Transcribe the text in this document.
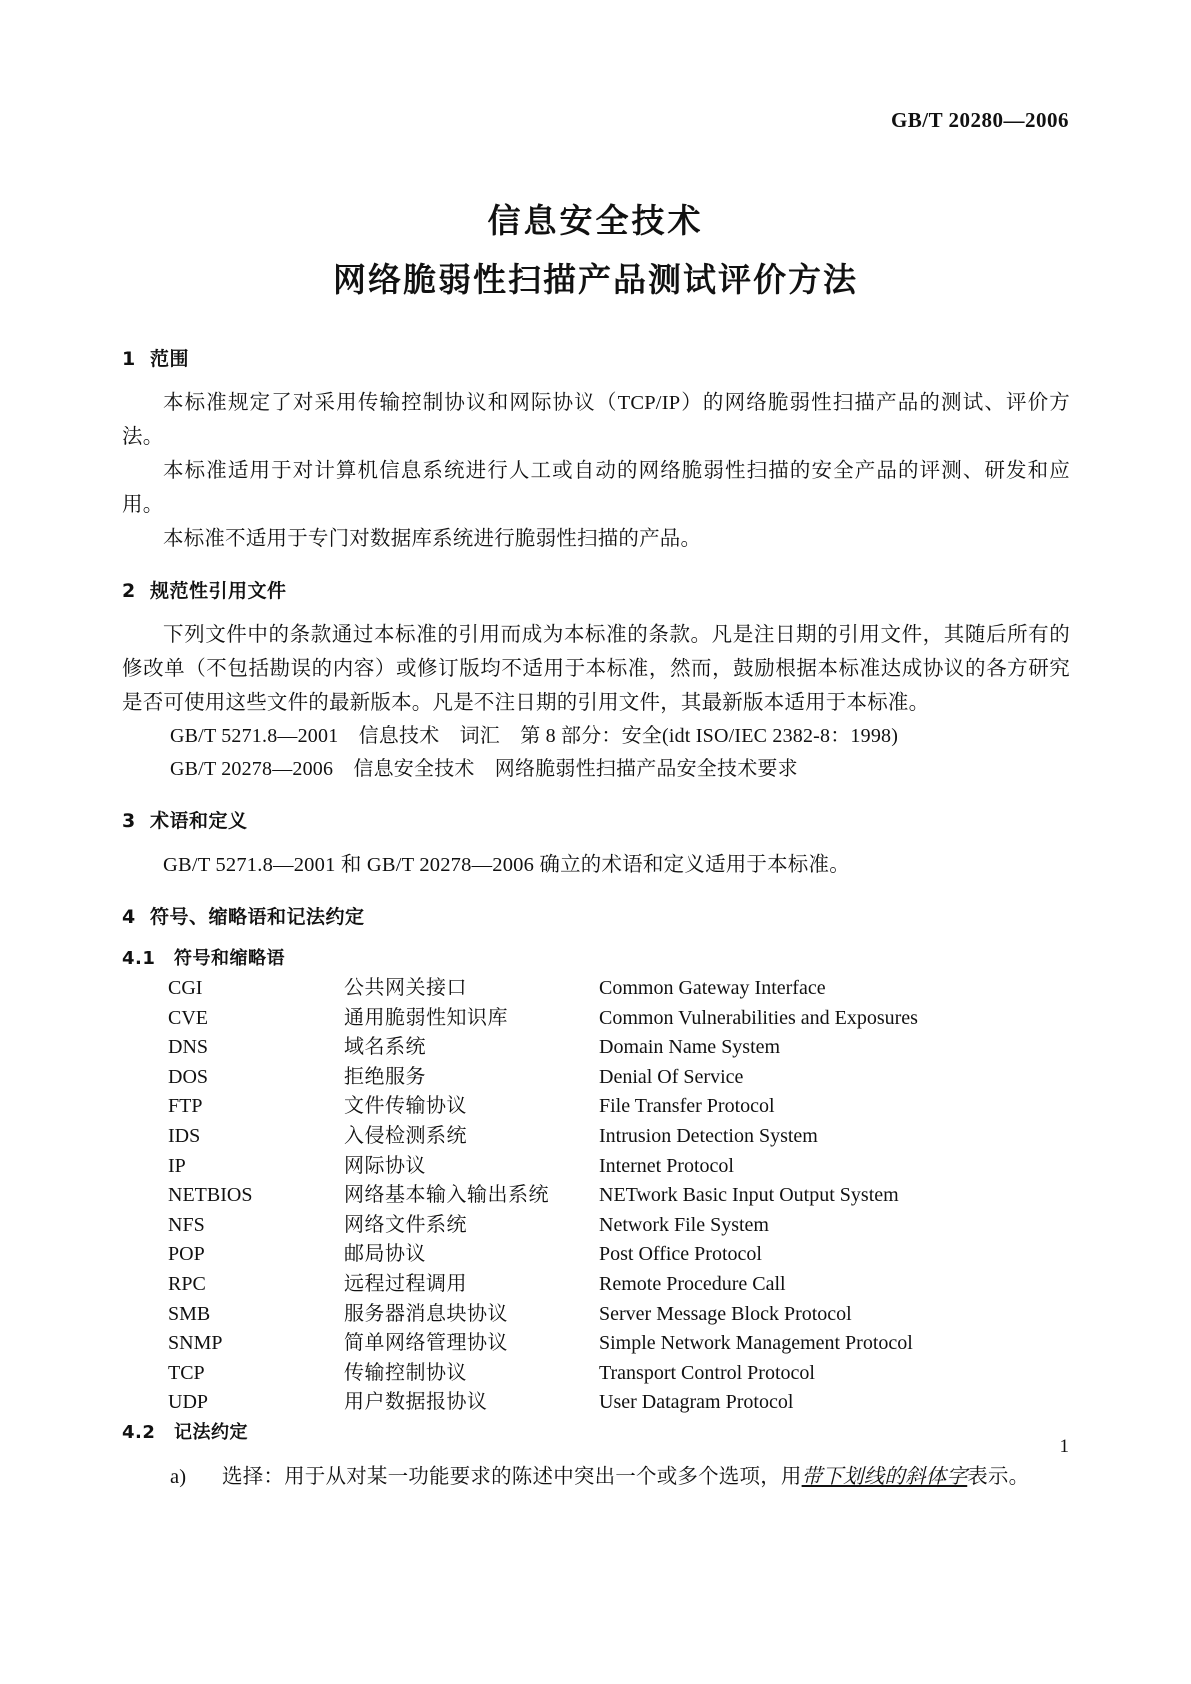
GB/T 20280—2006
信息安全技术
网络脆弱性扫描产品测试评价方法
1 范围

本标准规定了对采用传输控制协议和网际协议（TCP/IP）的网络脆弱性扫描产品的测试、评价方法。

本标准适用于对计算机信息系统进行人工或自动的网络脆弱性扫描的安全产品的评测、研发和应用。

本标准不适用于专门对数据库系统进行脆弱性扫描的产品。

2 规范性引用文件

下列文件中的条款通过本标准的引用而成为本标准的条款。凡是注日期的引用文件，其随后所有的修改单（不包括勘误的内容）或修订版均不适用于本标准，然而，鼓励根据本标准达成协议的各方研究是否可使用这些文件的最新版本。凡是不注日期的引用文件，其最新版本适用于本标准。

GB/T 5271.8—2001　信息技术　词汇　第 8 部分：安全(idt ISO/IEC 2382-8：1998)

GB/T 20278—2006　信息安全技术　网络脆弱性扫描产品安全技术要求

3 术语和定义

GB/T 5271.8—2001 和 GB/T 20278—2006 确立的术语和定义适用于本标准。

4 符号、缩略语和记法约定
4.1 符号和缩略语
CGI	公共网关接口	Common Gateway Interface
CVE	通用脆弱性知识库	Common Vulnerabilities and Exposures
DNS	域名系统	Domain Name System
DOS	拒绝服务	Denial Of Service
FTP	文件传输协议	File Transfer Protocol
IDS	入侵检测系统	Intrusion Detection System
IP	网际协议	Internet Protocol
NETBIOS	网络基本输入输出系统	NETwork Basic Input Output System
NFS	网络文件系统	Network File System
POP	邮局协议	Post Office Protocol
RPC	远程过程调用	Remote Procedure Call
SMB	服务器消息块协议	Server Message Block Protocol
SNMP	简单网络管理协议	Simple Network Management Protocol
TCP	传输控制协议	Transport Control Protocol
UDP	用户数据报协议	User Datagram Protocol
4.2 记法约定
a)	选择：用于从对某一功能要求的陈述中突出一个或多个选项，用带下划线的斜体字表示。
1
